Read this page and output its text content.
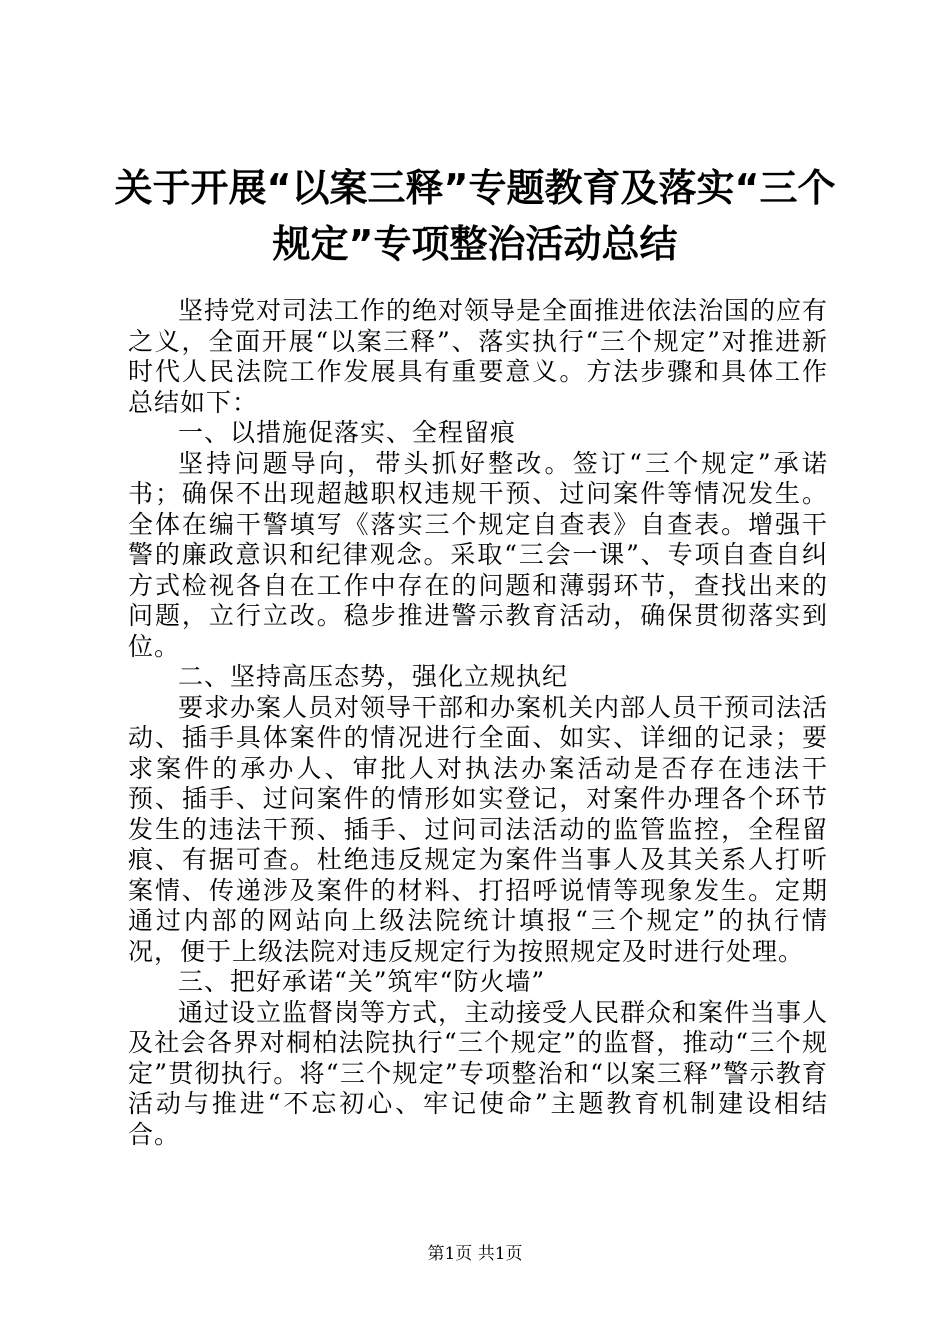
关于开展“以案三释”专题教育及落实“三个
规定”专项整治活动总结

坚持党对司法工作的绝对领导是全面推进依法治国的应有之义，全面开展“以案三释”、落实执行“三个规定”对推进新时代人民法院工作发展具有重要意义。方法步骤和具体工作总结如下：

一、以措施促落实、全程留痕

坚持问题导向，带头抓好整改。签订“三个规定”承诺书；确保不出现超越职权违规干预、过问案件等情况发生。全体在编干警填写《落实三个规定自查表》自查表。增强干警的廉政意识和纪律观念。采取“三会一课”、专项自查自纠方式检视各自在工作中存在的问题和薄弱环节，查找出来的问题，立行立改。稳步推进警示教育活动，确保贯彻落实到位。

二、坚持高压态势，强化立规执纪

要求办案人员对领导干部和办案机关内部人员干预司法活动、插手具体案件的情况进行全面、如实、详细的记录；要求案件的承办人、审批人对执法办案活动是否存在违法干预、插手、过问案件的情形如实登记，对案件办理各个环节发生的违法干预、插手、过问司法活动的监管监控，全程留痕、有据可查。杜绝违反规定为案件当事人及其关系人打听案情、传递涉及案件的材料、打招呼说情等现象发生。定期通过内部的网站向上级法院统计填报“三个规定”的执行情况，便于上级法院对违反规定行为按照规定及时进行处理。

三、把好承诺“关”筑牢“防火墙”

通过设立监督岗等方式，主动接受人民群众和案件当事人及社会各界对桐柏法院执行“三个规定”的监督，推动“三个规定”贯彻执行。将“三个规定”专项整治和“以案三释”警示教育活动与推进“不忘初心、牢记使命”主题教育机制建设相结合。

第1页 共1页
